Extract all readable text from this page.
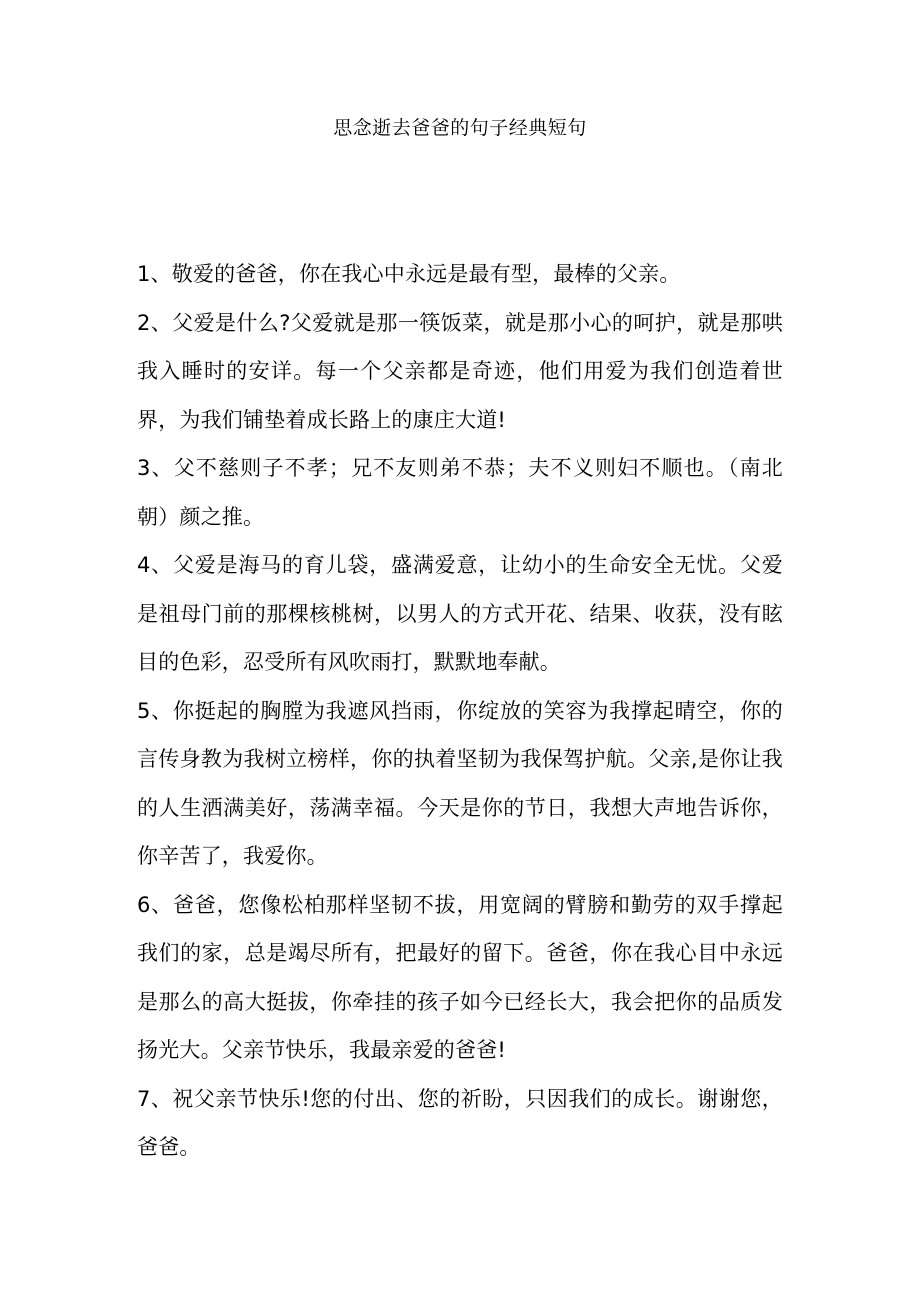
思念逝去爸爸的句子经典短句

1、敬爱的爸爸，你在我心中永远是最有型，最棒的父亲。

2、父爱是什么?父爱就是那一筷饭菜，就是那小心的呵护，就是那哄我入睡时的安详。每一个父亲都是奇迹，他们用爱为我们创造着世界，为我们铺垫着成长路上的康庄大道!

3、父不慈则子不孝；兄不友则弟不恭；夫不义则妇不顺也。（南北朝）颜之推。

4、父爱是海马的育儿袋，盛满爱意，让幼小的生命安全无忧。父爱是祖母门前的那棵核桃树，以男人的方式开花、结果、收获，没有眩目的色彩，忍受所有风吹雨打，默默地奉献。

5、你挺起的胸膛为我遮风挡雨，你绽放的笑容为我撑起晴空，你的言传身教为我树立榜样，你的执着坚韧为我保驾护航。父亲,是你让我的人生洒满美好，荡满幸福。今天是你的节日，我想大声地告诉你，你辛苦了，我爱你。

6、爸爸，您像松柏那样坚韧不拔，用宽阔的臂膀和勤劳的双手撑起我们的家，总是竭尽所有，把最好的留下。爸爸，你在我心目中永远是那么的高大挺拔，你牵挂的孩子如今已经长大，我会把你的品质发扬光大。父亲节快乐，我最亲爱的爸爸!

7、祝父亲节快乐!您的付出、您的祈盼，只因我们的成长。谢谢您，爸爸。
